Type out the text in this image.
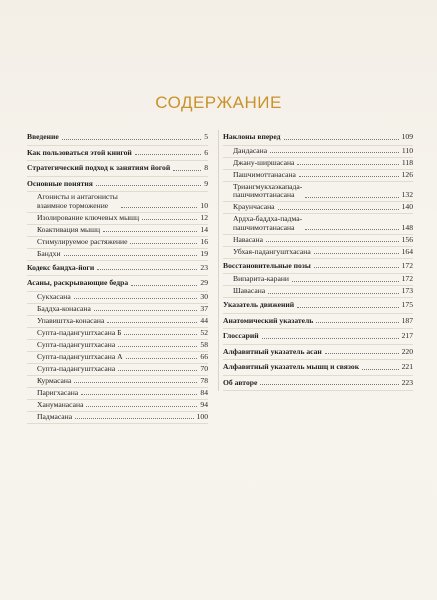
СОДЕРЖАНИЕ
Введение	5
Как пользоваться этой книгой	6
Стратегический подход к занятиям йогой	8
Основные понятия	9
Агонисты и антагонисты
взаимное торможение	10
Изолирование ключевых мышц	12
Коактивация мышц	14
Стимулируемое растяжение	16
Бандхи	19
Кодекс бандха-йоги	23
Асаны, раскрывающие бедра	29
Сукхасана	30
Баддха-конасана	37
Упавиштха-конасана	44
Супта-падангуштхасана Б	52
Супта-падангуштхасана	58
Супта-падангуштхасана А	66
Супта-падангуштхасана	70
Курмасана	78
Паригхасана	84
Хануманасана	94
Падмасана	100
Наклоны вперед	109
Дандасана	110
Джану-ширшасана	118
Пашчимоттанасана	126
Триангмукхаэкапада-
пашчимоттанасана	132
Крaунчасана	140
Ардха-баддха-падма-
пашчимоттанасана	148
Навасана	156
Убхая-падангуштхасана	164
Восстановительные позы	172
Випарита-карани	172
Шавасана	173
Указатель движений	175
Анатомический указатель	187
Глоссарий	217
Алфавитный указатель асан	220
Алфавитный указатель мышц и связок	221
Об авторе	223
